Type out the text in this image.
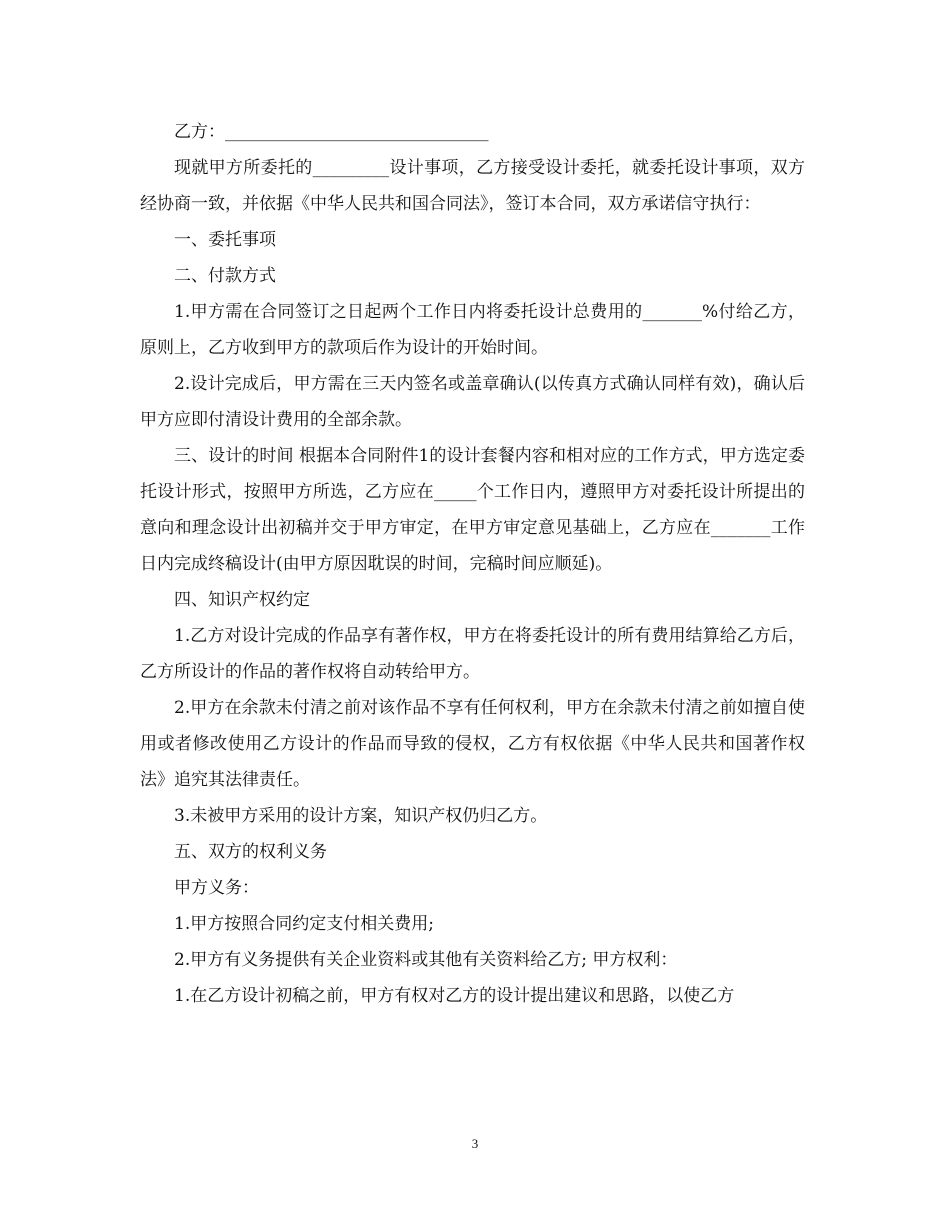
乙方：_______________________________

现就甲方所委托的_________设计事项，乙方接受设计委托，就委托设计事项，双方经协商一致，并依据《中华人民共和国合同法》，签订本合同，双方承诺信守执行：

一、委托事项

二、付款方式

1.甲方需在合同签订之日起两个工作日内将委托设计总费用的_______%付给乙方，原则上，乙方收到甲方的款项后作为设计的开始时间。

2.设计完成后，甲方需在三天内签名或盖章确认(以传真方式确认同样有效)，确认后甲方应即付清设计费用的全部余款。

三、设计的时间 根据本合同附件1的设计套餐内容和相对应的工作方式，甲方选定委托设计形式，按照甲方所选，乙方应在_____个工作日内，遵照甲方对委托设计所提出的意向和理念设计出初稿并交于甲方审定，在甲方审定意见基础上，乙方应在_______工作日内完成终稿设计(由甲方原因耽误的时间，完稿时间应顺延)。

四、知识产权约定

1.乙方对设计完成的作品享有著作权，甲方在将委托设计的所有费用结算给乙方后，乙方所设计的作品的著作权将自动转给甲方。

2.甲方在余款未付清之前对该作品不享有任何权利，甲方在余款未付清之前如擅自使用或者修改使用乙方设计的作品而导致的侵权，乙方有权依据《中华人民共和国著作权法》追究其法律责任。

3.未被甲方采用的设计方案，知识产权仍归乙方。

五、双方的权利义务

甲方义务：

1.甲方按照合同约定支付相关费用;

2.甲方有义务提供有关企业资料或其他有关资料给乙方; 甲方权利：

1.在乙方设计初稿之前，甲方有权对乙方的设计提出建议和思路，以使乙方

3
